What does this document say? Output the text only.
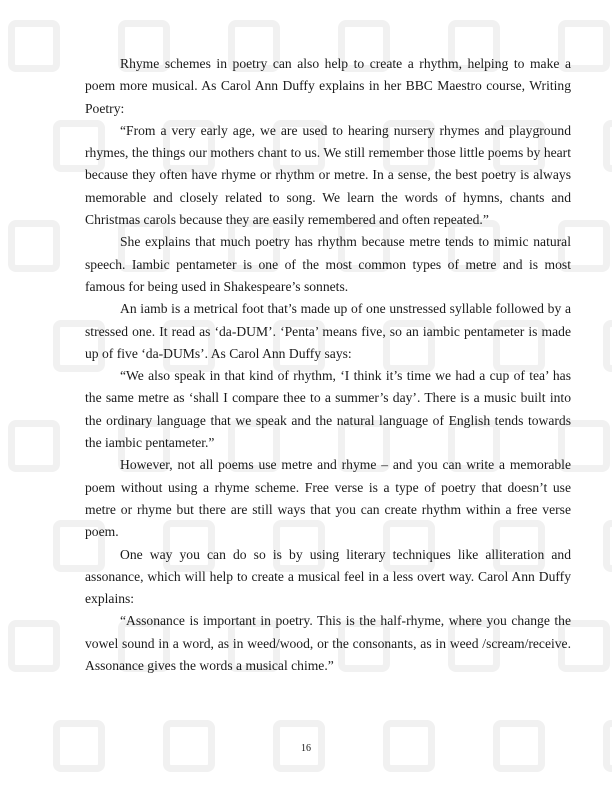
Rhyme schemes in poetry can also help to create a rhythm, helping to make a poem more musical. As Carol Ann Duffy explains in her BBC Maestro course, Writing Poetry:

“From a very early age, we are used to hearing nursery rhymes and playground rhymes, the things our mothers chant to us. We still remember those little poems by heart because they often have rhyme or rhythm or metre. In a sense, the best poetry is always memorable and closely related to song. We learn the words of hymns, chants and Christmas carols because they are easily remembered and often repeated.”

She explains that much poetry has rhythm because metre tends to mimic natural speech. Iambic pentameter is one of the most common types of metre and is most famous for being used in Shakespeare’s sonnets.

An iamb is a metrical foot that’s made up of one unstressed syllable followed by a stressed one. It read as ‘da-DUM’. ‘Penta’ means five, so an iambic pentameter is made up of five ‘da-DUMs’. As Carol Ann Duffy says:

“We also speak in that kind of rhythm, ‘I think it’s time we had a cup of tea’ has the same metre as ‘shall I compare thee to a summer’s day’. There is a music built into the ordinary language that we speak and the natural language of English tends towards the iambic pentameter.”

However, not all poems use metre and rhyme – and you can write a memorable poem without using a rhyme scheme. Free verse is a type of poetry that doesn’t use metre or rhyme but there are still ways that you can create rhythm within a free verse poem.

One way you can do so is by using literary techniques like alliteration and assonance, which will help to create a musical feel in a less overt way. Carol Ann Duffy explains:

“Assonance is important in poetry. This is the half-rhyme, where you change the vowel sound in a word, as in weed/wood, or the consonants, as in weed /scream/receive. Assonance gives the words a musical chime.”

16
